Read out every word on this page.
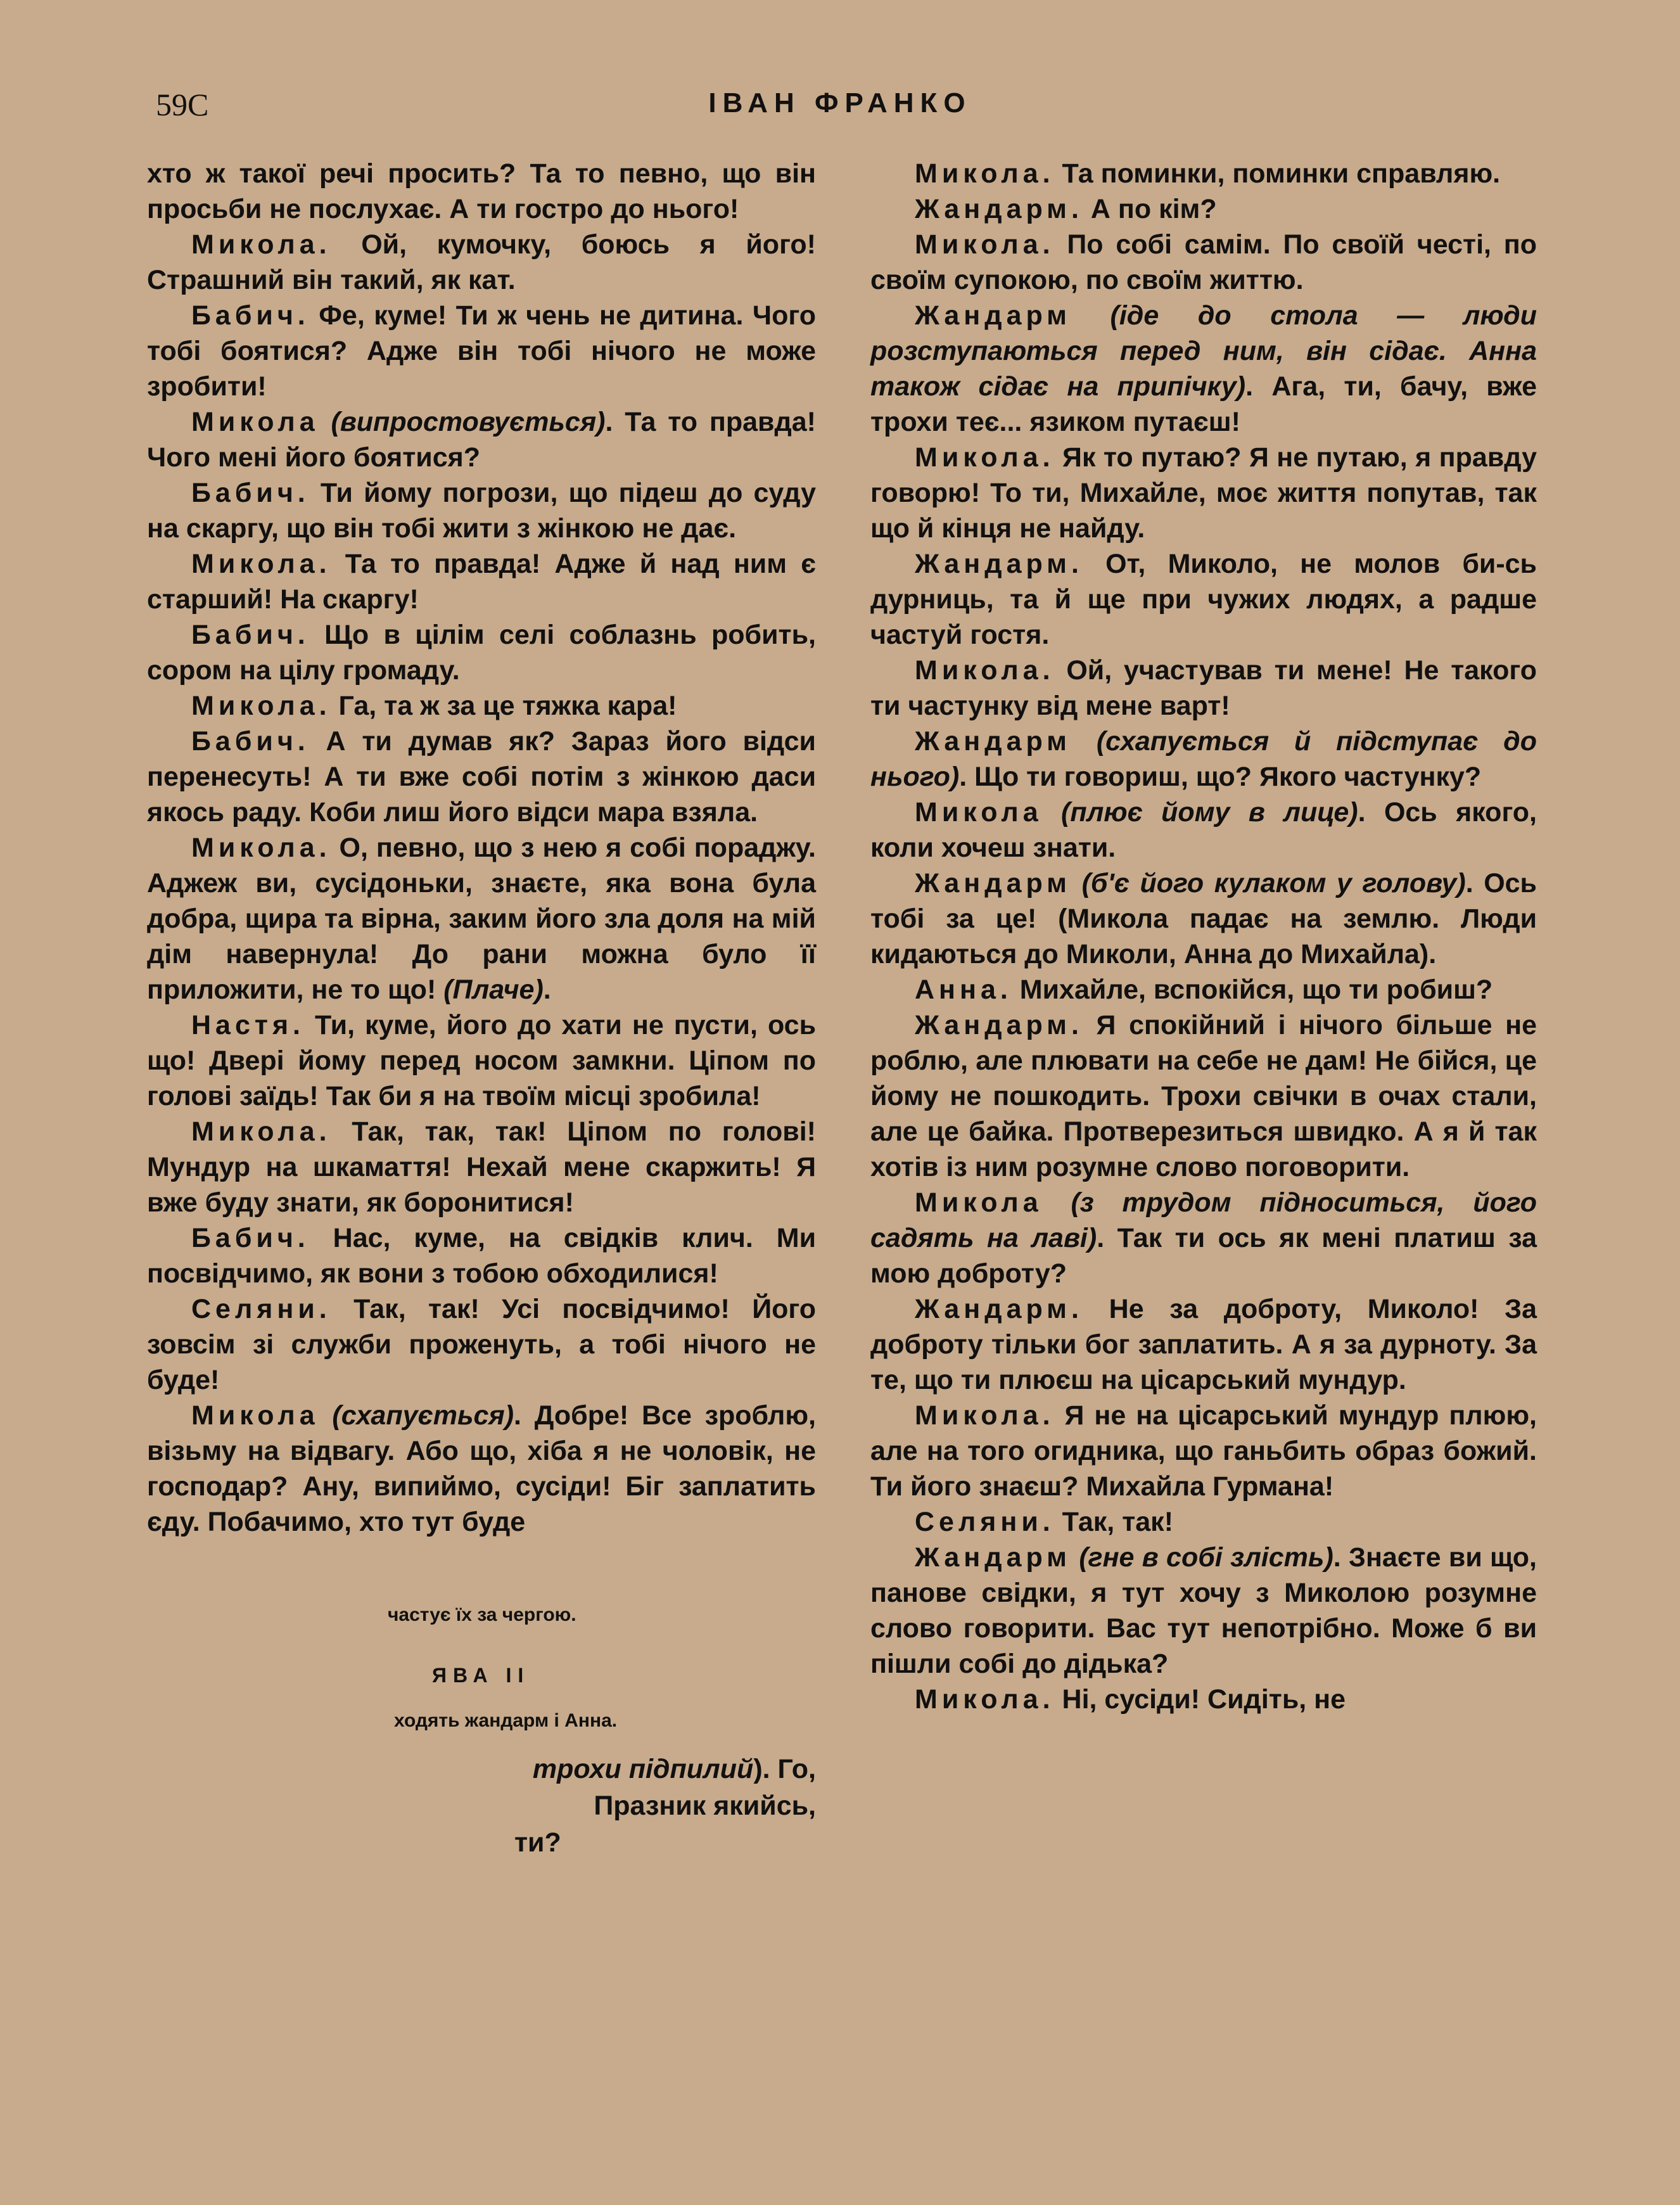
59С	ІВАН ФРАНКО

хто ж такої речі просить? Та то певно, що він просьби не послухає. А ти гостро до нього!

Микола. Ой, кумочку, боюсь я його! Страшний він такий, як кат.

Бабич. Фе, куме! Ти ж чень не дитина. Чого тобі боятися? Адже він тобі нічого не може зробити!

Микола (випростовується). Та то правда! Чого мені його боятися?

Бабич. Ти йому погрози, що підеш до суду на скаргу, що він тобі жити з жінкою не дає.

Микола. Та то правда! Адже й над ним є старший! На скаргу!

Бабич. Що в цілім селі соблазнь робить, сором на цілу громаду.

Микола. Га, та ж за це тяжка кара!

Бабич. А ти думав як? Зараз його відси перенесуть! А ти вже собі потім з жінкою даси якось раду. Коби лиш його відси мара взяла.

Микола. О, певно, що з нею я собі пораджу. Аджеж ви, сусідоньки, знаєте, яка вона була добра, щира та вірна, заким його зла доля на мій дім навернула! До рани можна було її приложити, не то що! (Плаче).

Настя. Ти, куме, його до хати не пусти, ось що! Двері йому перед носом замкни. Ціпом по голові заїдь! Так би я на твоїм місці зробила!

Микола. Так, так, так! Ціпом по голові! Мундур на шкамаття! Нехай мене скаржить! Я вже буду знати, як боронитися!

Бабич. Нас, куме, на свідків клич. Ми посвідчимо, як вони з тобою обходилися!

Селяни. Так, так! Усі посвідчимо! Його зовсім зі служби проженуть, а тобі нічого не буде!

Микола (схапується). Добре! Все зроблю, візьму на відвагу. Або що, хіба я не чоловік, не господар? Ану, випиймо, сусіди! Біг заплатить єду. Побачимо, хто тут буде

частує їх за чергою.
ЯВА II
ходять жандарм і Анна.
трохи підпилий). Го,
Празник якийсь,
ти?

Микола. Та поминки, поминки справляю.

Жандарм. А по кім?

Микола. По собі самім. По своїй честі, по своїм супокою, по своїм життю.

Жандарм (іде до стола — люди розступаються перед ним, він сідає. Анна також сідає на припічку). Ага, ти, бачу, вже трохи теє... язиком путаєш!

Микола. Як то путаю? Я не путаю, я правду говорю! То ти, Михайле, моє життя попутав, так що й кінця не найду.

Жандарм. От, Миколо, не молов би-сь дурниць, та й ще при чужих людях, а радше частуй гостя.

Микола. Ой, участував ти мене! Не такого ти частунку від мене варт!

Жандарм (схапується й підступає до нього). Що ти говориш, що? Якого частунку?

Микола (плює йому в лице). Ось якого, коли хочеш знати.

Жандарм (б'є його кулаком у голову). Ось тобі за це! (Микола падає на землю. Люди кидаються до Миколи, Анна до Михайла).

Анна. Михайле, вспокійся, що ти робиш?

Жандарм. Я спокійний і нічого більше не роблю, але плювати на себе не дам! Не бійся, це йому не пошкодить. Трохи свічки в очах стали, але це байка. Протверезиться швидко. А я й так хотів із ним розумне слово поговорити.

Микола (з трудом підноситься, його садять на лаві). Так ти ось як мені платиш за мою доброту?

Жандарм. Не за доброту, Миколо! За доброту тільки бог заплатить. А я за дурноту. За те, що ти плюєш на цісарський мундур.

Микола. Я не на цісарський мундур плюю, але на того огидника, що ганьбить образ божий. Ти його знаєш? Михайла Гурмана!

Селяни. Так, так!

Жандарм (гне в собі злість). Знаєте ви що, панове свідки, я тут хочу з Миколою розумне слово говорити. Вас тут непотрібно. Може б ви пішли собі до дідька?

Микола. Ні, сусіди! Сидіть, не
